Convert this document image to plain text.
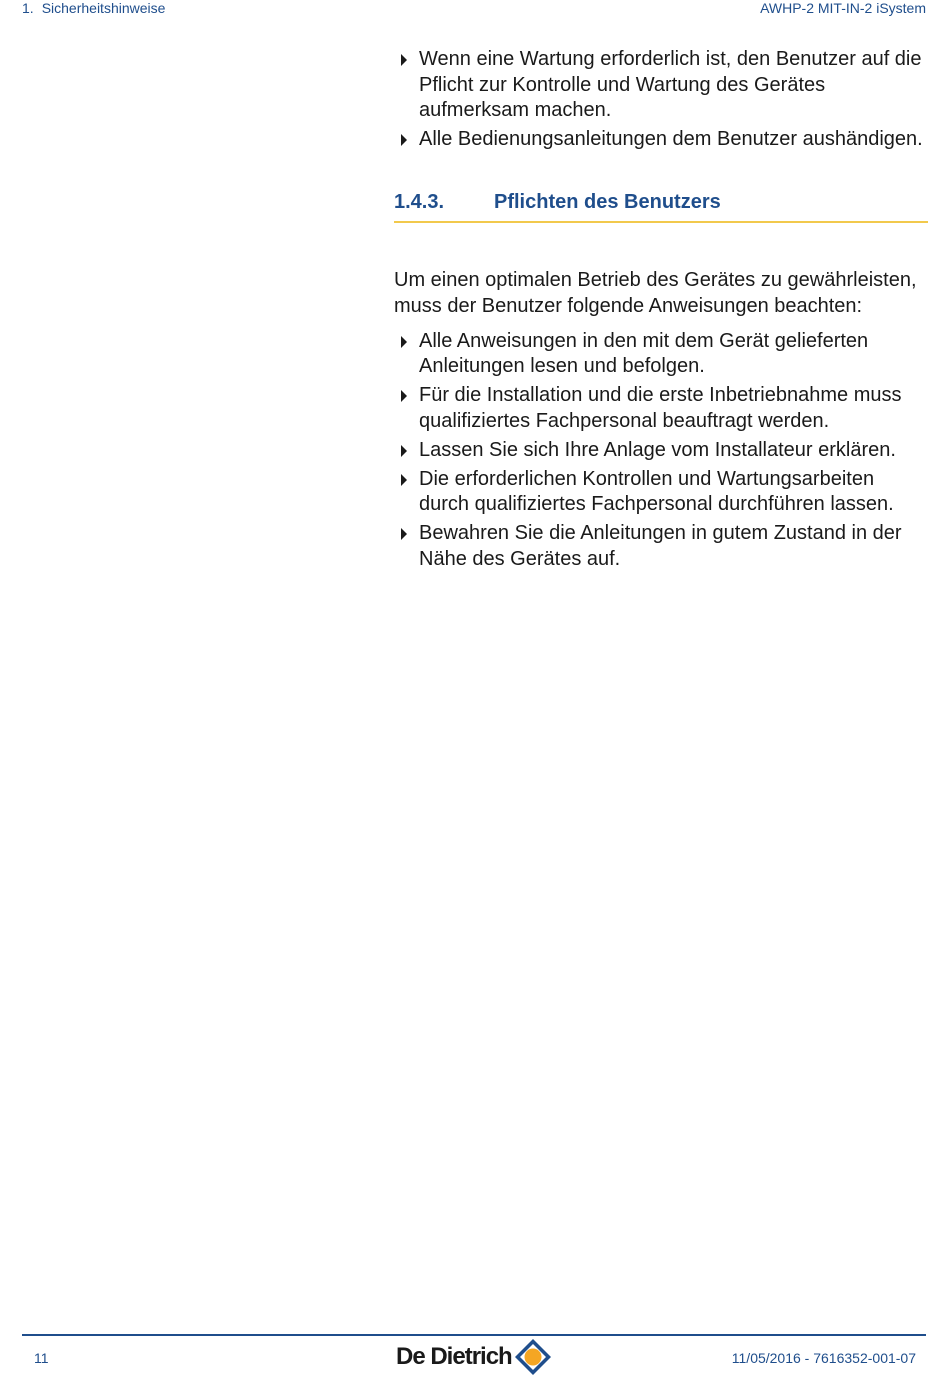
1. Sicherheitshinweise	AWHP-2 MIT-IN-2 iSystem
Wenn eine Wartung erforderlich ist, den Benutzer auf die Pflicht zur Kontrolle und Wartung des Gerätes aufmerksam machen.
Alle Bedienungsanleitungen dem Benutzer aushändigen.
1.4.3. Pflichten des Benutzers
Um einen optimalen Betrieb des Gerätes zu gewährleisten, muss der Benutzer folgende Anweisungen beachten:
Alle Anweisungen in den mit dem Gerät gelieferten Anleitungen lesen und befolgen.
Für die Installation und die erste Inbetriebnahme muss qualifiziertes Fachpersonal beauftragt werden.
Lassen Sie sich Ihre Anlage vom Installateur erklären.
Die erforderlichen Kontrollen und Wartungsarbeiten durch qualifiziertes Fachpersonal durchführen lassen.
Bewahren Sie die Anleitungen in gutem Zustand in der Nähe des Gerätes auf.
11	De Dietrich	11/05/2016 - 7616352-001-07
